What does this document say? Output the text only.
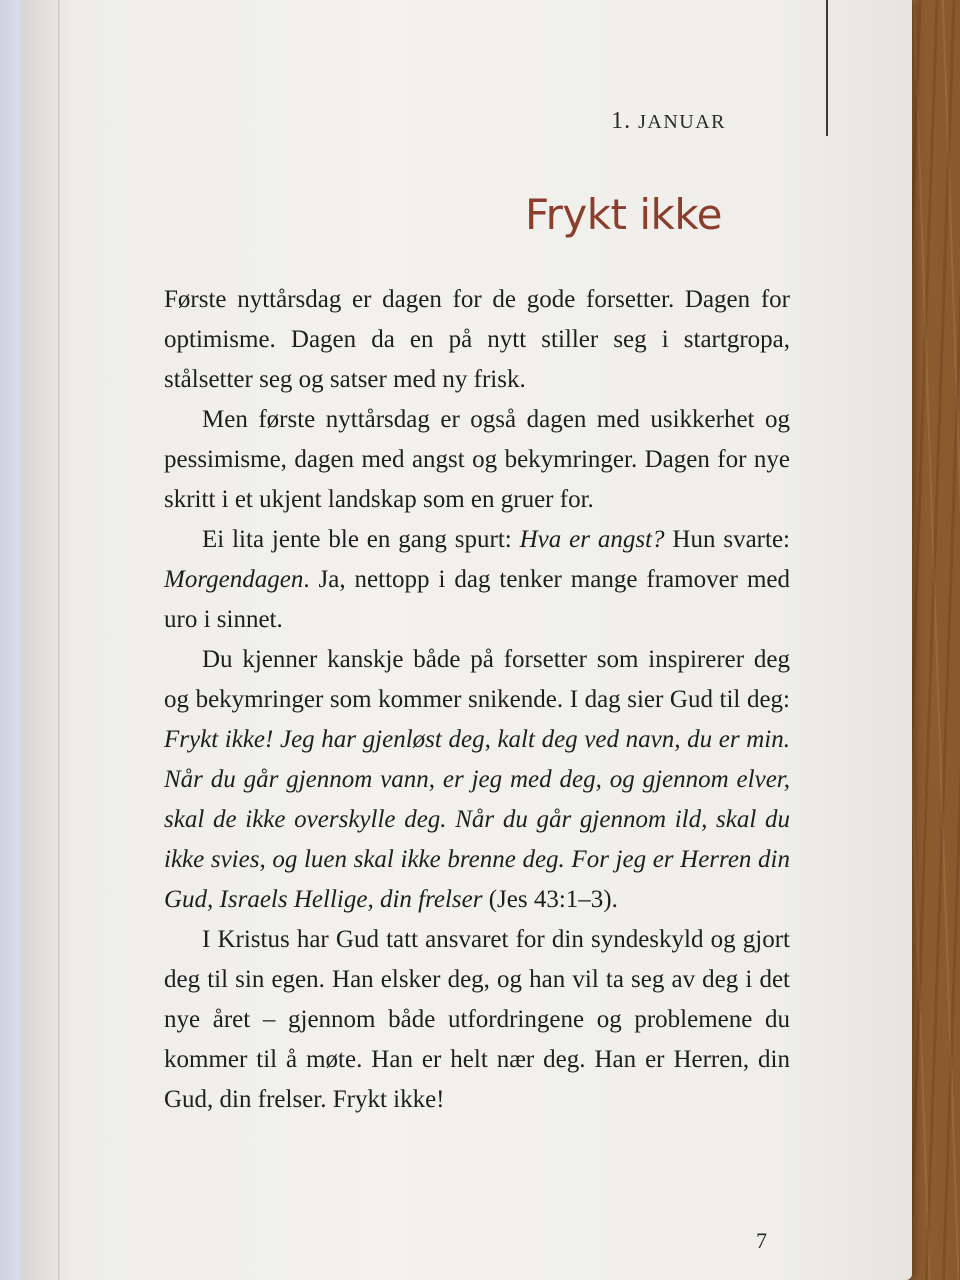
1. JANUAR
Frykt ikke

Første nyttårsdag er dagen for de gode forsetter. Dagen for optimisme. Dagen da en på nytt stiller seg i startgropa, stålsetter seg og satser med ny frisk.

Men første nyttårsdag er også dagen med usikkerhet og pessimisme, dagen med angst og bekymringer. Dagen for nye skritt i et ukjent landskap som en gruer for.

Ei lita jente ble en gang spurt: Hva er angst? Hun svarte: Morgendagen. Ja, nettopp i dag tenker mange framover med uro i sinnet.

Du kjenner kanskje både på forsetter som inspirerer deg og bekymringer som kommer snikende. I dag sier Gud til deg: Frykt ikke! Jeg har gjenløst deg, kalt deg ved navn, du er min. Når du går gjennom vann, er jeg med deg, og gjennom elver, skal de ikke overskylle deg. Når du går gjennom ild, skal du ikke svies, og luen skal ikke brenne deg. For jeg er Herren din Gud, Israels Hellige, din frelser (Jes 43:1–3).

I Kristus har Gud tatt ansvaret for din syndeskyld og gjort deg til sin egen. Han elsker deg, og han vil ta seg av deg i det nye året – gjennom både utfordringene og problemene du kommer til å møte. Han er helt nær deg. Han er Herren, din Gud, din frelser. Frykt ikke!

7
